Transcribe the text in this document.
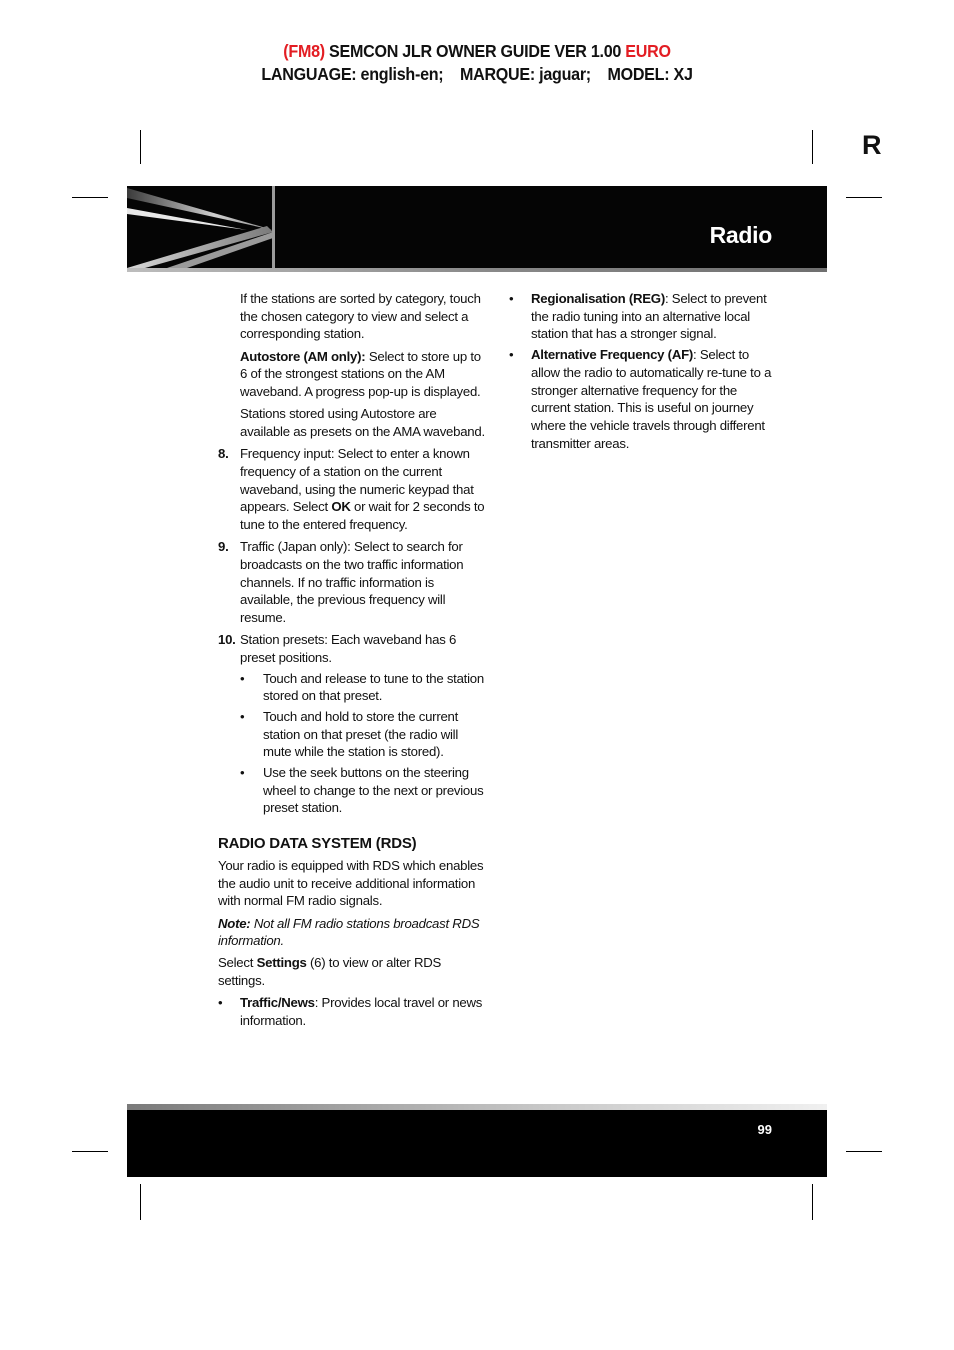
(FM8) SEMCON JLR OWNER GUIDE VER 1.00 EURO
LANGUAGE: english-en; MARQUE: jaguar; MODEL: XJ
R
Radio

If the stations are sorted by category, touch the chosen category to view and select a corresponding station.

Autostore (AM only): Select to store up to 6 of the strongest stations on the AM waveband. A progress pop-up is displayed.

Stations stored using Autostore are available as presets on the AMA waveband.

8. Frequency input: Select to enter a known frequency of a station on the current waveband, using the numeric keypad that appears. Select OK or wait for 2 seconds to tune to the entered frequency.
9. Traffic (Japan only): Select to search for broadcasts on the two traffic information channels. If no traffic information is available, the previous frequency will resume.
10. Station presets: Each waveband has 6 preset positions.
• Touch and release to tune to the station stored on that preset.
• Touch and hold to store the current station on that preset (the radio will mute while the station is stored).
• Use the seek buttons on the steering wheel to change to the next or previous preset station.

RADIO DATA SYSTEM (RDS)

Your radio is equipped with RDS which enables the audio unit to receive additional information with normal FM radio signals.

Note: Not all FM radio stations broadcast RDS information.

Select Settings (6) to view or alter RDS settings.

• Traffic/News: Provides local travel or news information.
• Regionalisation (REG): Select to prevent the radio tuning into an alternative local station that has a stronger signal.
• Alternative Frequency (AF): Select to allow the radio to automatically re-tune to a stronger alternative frequency for the current station. This is useful on journey where the vehicle travels through different transmitter areas.
99
